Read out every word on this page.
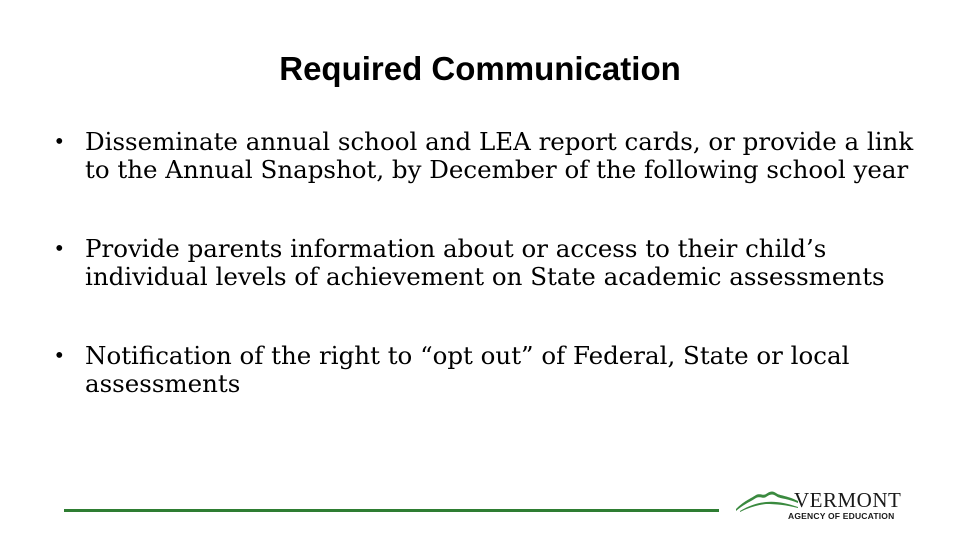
Required Communication
• Disseminate annual school and LEA report cards, or provide a link to the Annual Snapshot, by December of the following school year
• Provide parents information about or access to their child’s individual levels of achievement on State academic assessments
• Notification of the right to “opt out” of Federal, State or local assessments
VERMONT
AGENCY OF EDUCATION
